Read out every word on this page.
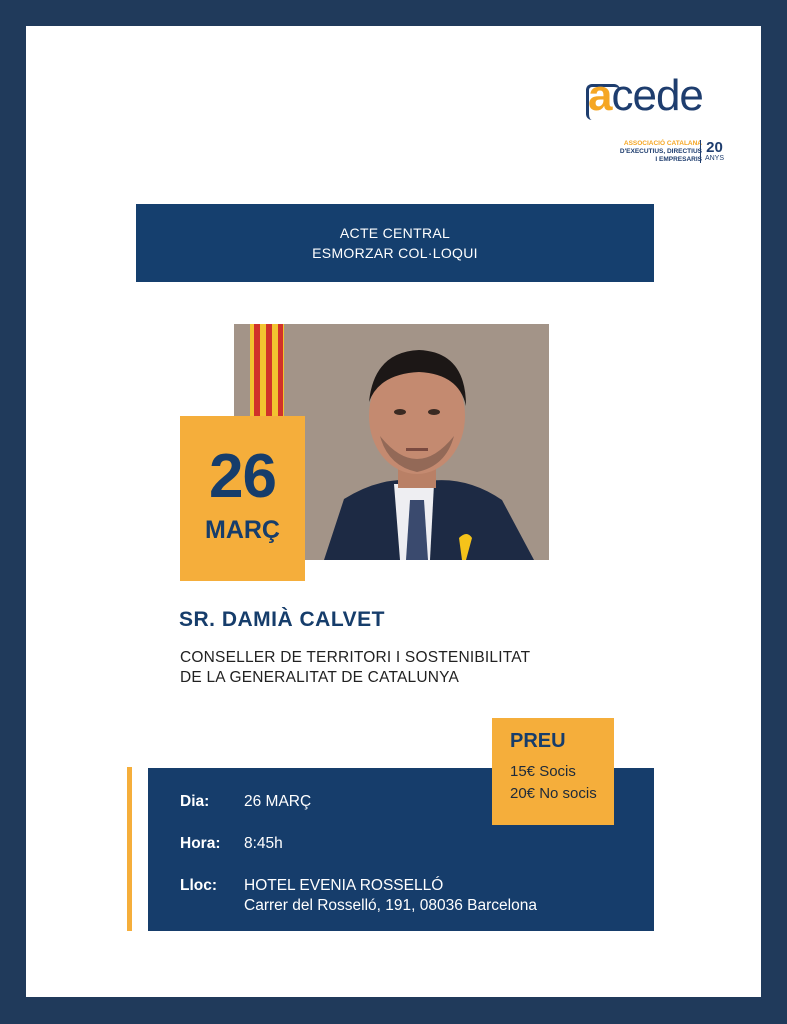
acede
ASSOCIACIÓ CATALANA
D'EXECUTIUS, DIRECTIUS
I EMPRESARIS
20
ANYS
ACTE CENTRAL
ESMORZAR COL·LOQUI
26
MARÇ
SR. DAMIÀ CALVET
CONSELLER DE TERRITORI I SOSTENIBILITAT
DE LA GENERALITAT DE CATALUNYA
Dia:	26 MARÇ
Hora:	8:45h
Lloc:	HOTEL EVENIA ROSSELLÓ
Carrer del Rosselló, 191, 08036 Barcelona
PREU
15€ Socis
20€ No socis
